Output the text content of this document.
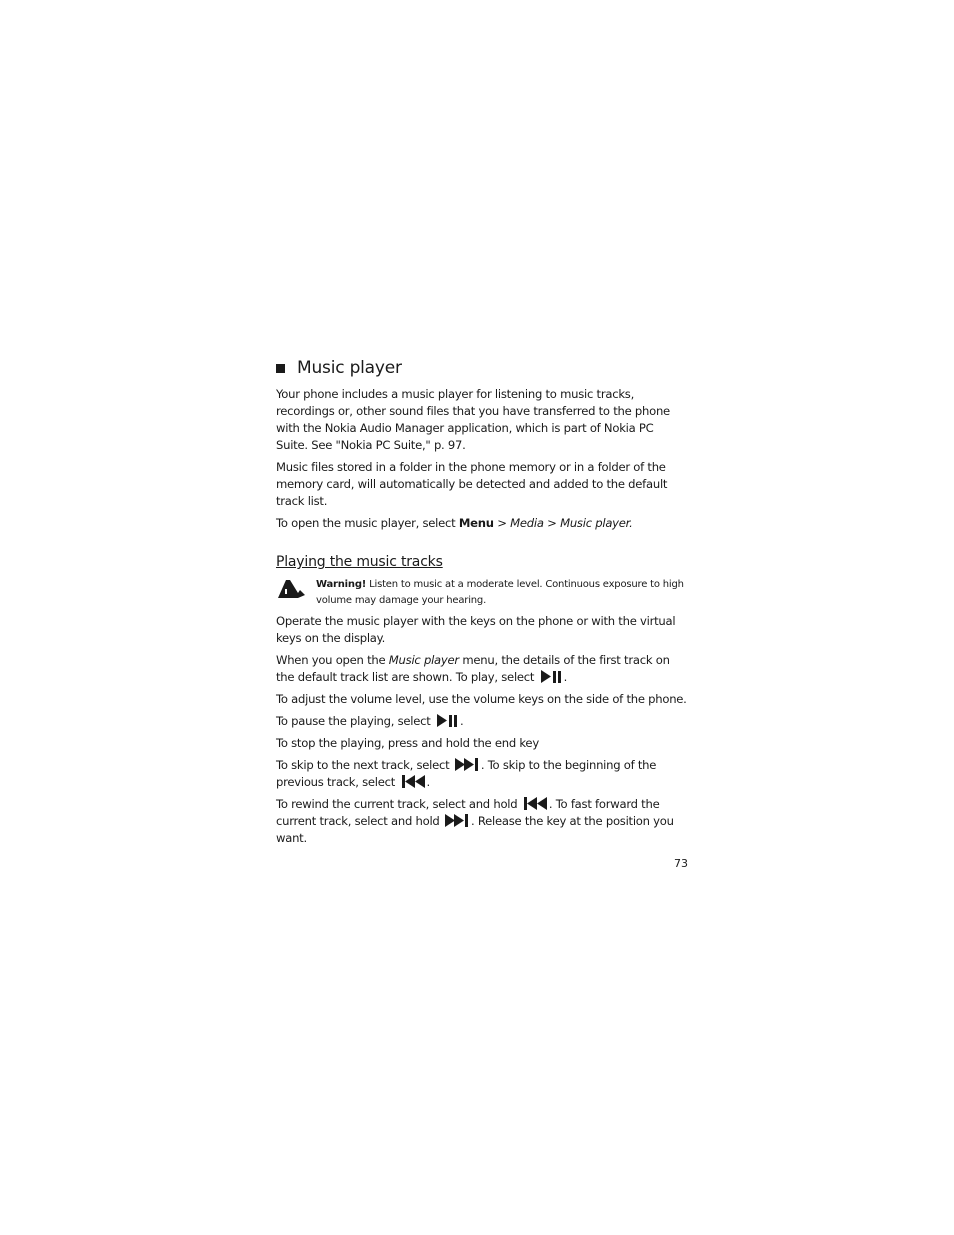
Music player

Your phone includes a music player for listening to music tracks, recordings or, other sound files that you have transferred to the phone with the Nokia Audio Manager application, which is part of Nokia PC Suite. See "Nokia PC Suite," p. 97.

Music files stored in a folder in the phone memory or in a folder of the memory card, will automatically be detected and added to the default track list.

To open the music player, select Menu > Media > Music player.

Playing the music tracks
Warning! Listen to music at a moderate level. Continuous exposure to high volume may damage your hearing.

Operate the music player with the keys on the phone or with the virtual keys on the display.

When you open the Music player menu, the details of the first track on the default track list are shown. To play, select .

To adjust the volume level, use the volume keys on the side of the phone.

To pause the playing, select .

To stop the playing, press and hold the end key

To skip to the next track, select . To skip to the beginning of the previous track, select .

To rewind the current track, select and hold . To fast forward the current track, select and hold . Release the key at the position you want.

73
